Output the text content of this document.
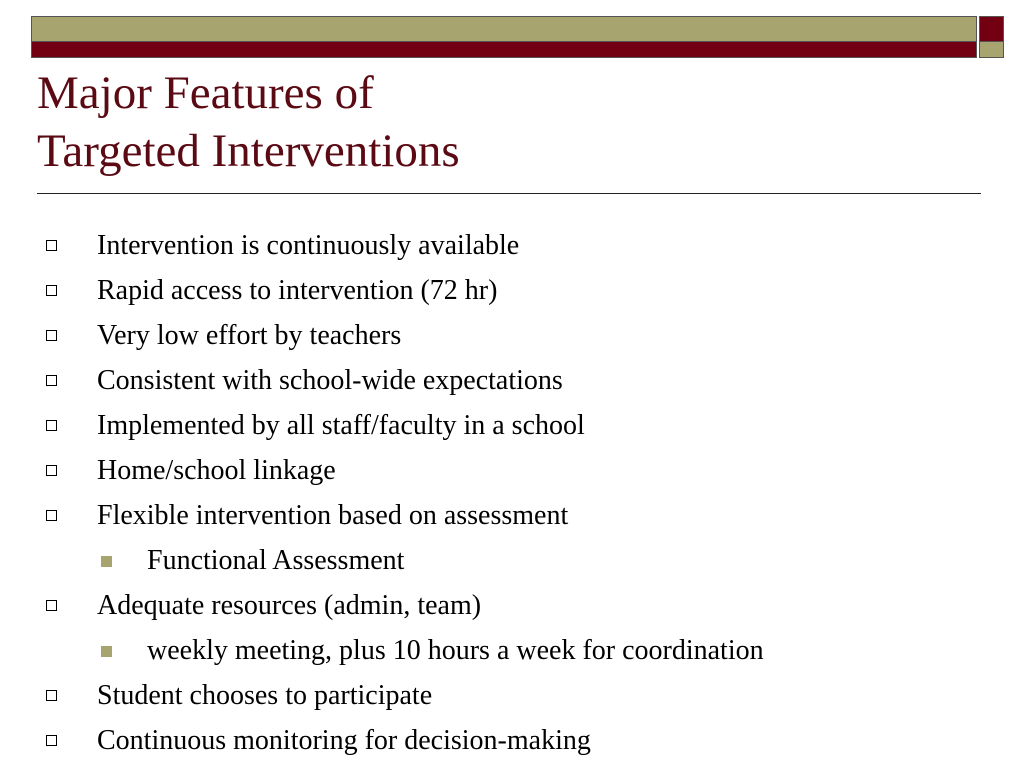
Major Features of
Targeted Interventions
Intervention is continuously available
Rapid access to intervention (72 hr)
Very low effort by teachers
Consistent with school-wide expectations
Implemented by all staff/faculty in a school
Home/school linkage
Flexible intervention based on assessment
Functional Assessment
Adequate resources (admin, team)
weekly meeting, plus 10 hours a week for coordination
Student chooses to participate
Continuous monitoring for decision-making
